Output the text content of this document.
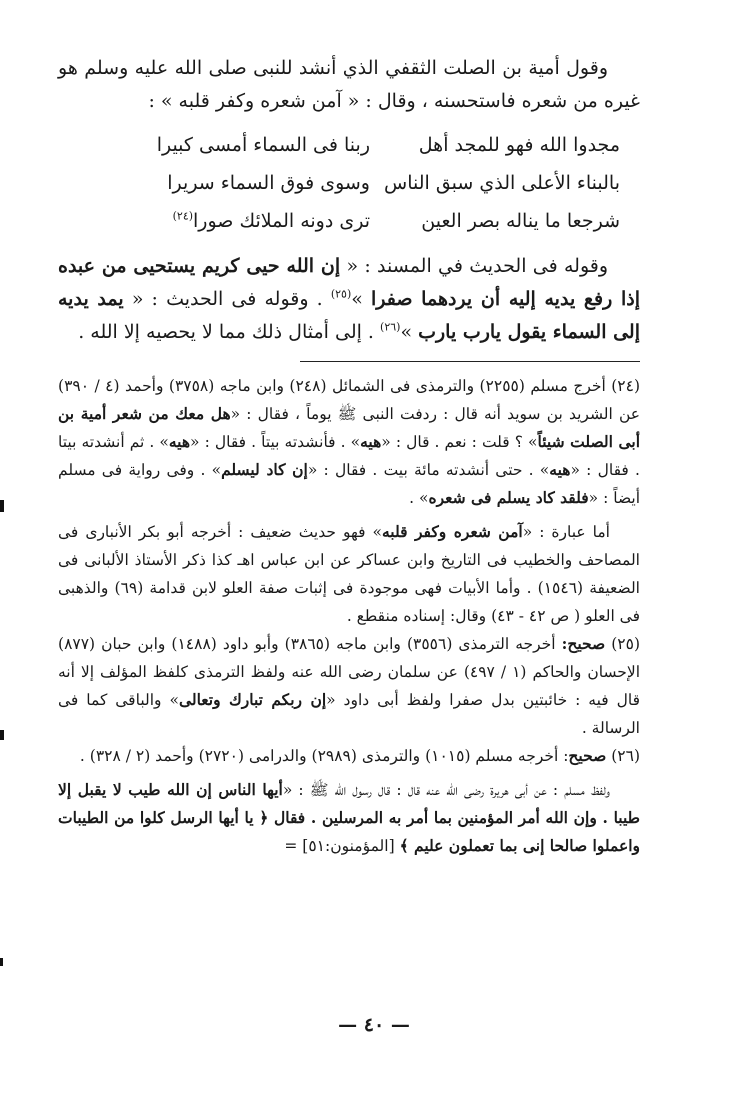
وقول أمية بن الصلت الثقفي الذي أنشد للنبى صلى الله عليه وسلم هو غيره من شعره فاستحسنه ، وقال : « آمن شعره وكفر قلبه » :

مجدوا الله فهو للمجد أهل
ربنا فى السماء أمسى كبيرا
بالبناء الأعلى الذي سبق الناس
وسوى فوق السماء سريرا
شرجعا ما يناله بصر العين
ترى دونه الملائك صورا$^{(٢٤)}$

وقوله فى الحديث في المسند : « إن الله حيى كريم يستحيى من عبده إذا رفع يديه إليه أن يردهما صفرا »$^{(٢٥)}$ . وقوله فى الحديث : « يمد يديه إلى السماء يقول يارب يارب »$^{(٢٦)}$ . إلى أمثال ذلك مما لا يحصيه إلا الله .

(٢٤) أخرج مسلم (٢٢٥٥) والترمذى فى الشمائل (٢٤٨) وابن ماجه (٣٧٥٨) وأحمد (٤ / ٣٩٠) عن الشريد بن سويد أنه قال : ردفت النبى ﷺ يوماً ، فقال : «هل معك من شعر أمية بن أبى الصلت شيئاً» ؟ قلت : نعم . قال : «هيه» . فأنشدته بيتاً . فقال : «هيه» . ثم أنشدته بيتا . فقال : «هيه» . حتى أنشدته مائة بيت . فقال : «إن كاد ليسلم» . وفى رواية فى مسلم أيضاً : «فلقد كاد يسلم فى شعره» .

أما عبارة : «آمن شعره وكفر قلبه» فهو حديث ضعيف : أخرجه أبو بكر الأنبارى فى المصاحف والخطيب فى التاريخ وابن عساكر عن ابن عباس اهـ كذا ذكر الأستاذ الألبانى فى الضعيفة (١٥٤٦) . وأما الأبيات فهى موجودة فى إثبات صفة العلو لابن قدامة (٦٩) والذهبى فى العلو ( ص ٤٢ - ٤٣) وقال: إسناده منقطع .

(٢٥) صحيح: أخرجه الترمذى (٣٥٥٦) وابن ماجه (٣٨٦٥) وأبو داود (١٤٨٨) وابن حبان (٨٧٧) الإحسان والحاكم (١ / ٤٩٧) عن سلمان رضى الله عنه ولفظ الترمذى كلفظ المؤلف إلا أنه قال فيه : خائبتين بدل صفرا ولفظ أبى داود «إن ربكم تبارك وتعالى» والباقى كما فى الرسالة .

(٢٦) صحيح: أخرجه مسلم (١٠١٥) والترمذى (٢٩٨٩) والدرامى (٢٧٢٠) وأحمد (٢ / ٣٢٨) .

ولفظ مسلم : عن أبى هريرة رضى الله عنه قال : قال رسول الله ﷺ : «أيها الناس إن الله طيب لا يقبل إلا طيبا . وإن الله أمر المؤمنين بما أمر به المرسلين . فقال ﴿ يا أيها الرسل كلوا من الطيبات واعملوا صالحا إنى بما تعملون عليم ﴾ [المؤمنون:٥١] =

— ٤٠ —
